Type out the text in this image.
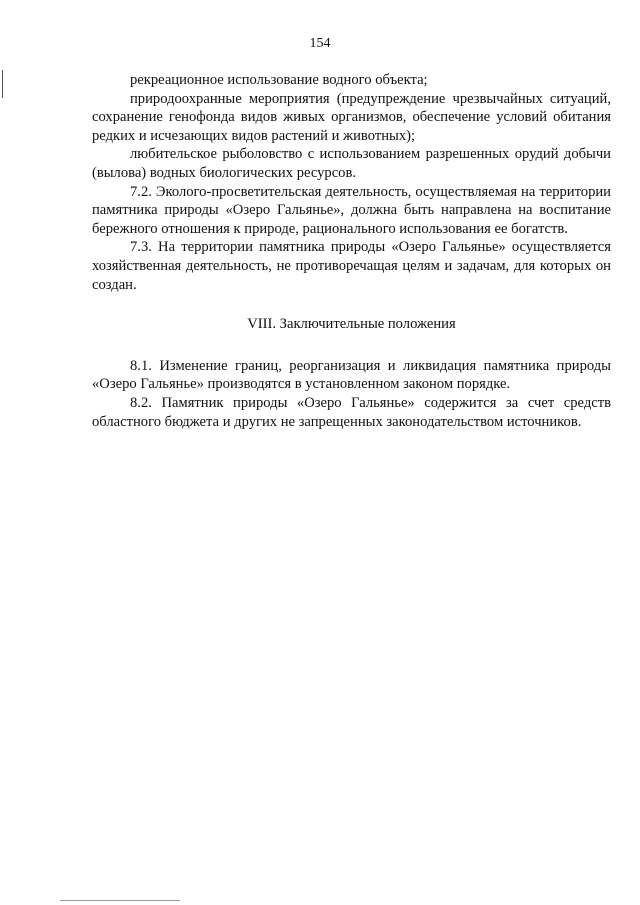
154

рекреационное использование водного объекта;

природоохранные мероприятия (предупреждение чрезвычайных ситуаций, сохранение генофонда видов живых организмов, обеспечение условий обитания редких и исчезающих видов растений и животных);

любительское рыболовство с использованием разрешенных орудий добычи (вылова) водных биологических ресурсов.

7.2. Эколого-просветительская деятельность, осуществляемая на территории памятника природы «Озеро Гальянье», должна быть направлена на воспитание бережного отношения к природе, рационального использования ее богатств.

7.3. На территории памятника природы «Озеро Гальянье» осуществляется хозяйственная деятельность, не противоречащая целям и задачам, для которых он создан.

VIII. Заключительные положения

8.1. Изменение границ, реорганизация и ликвидация памятника природы «Озеро Гальянье» производятся в установленном законом порядке.

8.2. Памятник природы «Озеро Гальянье» содержится за счет средств областного бюджета и других не запрещенных законодательством источников.
